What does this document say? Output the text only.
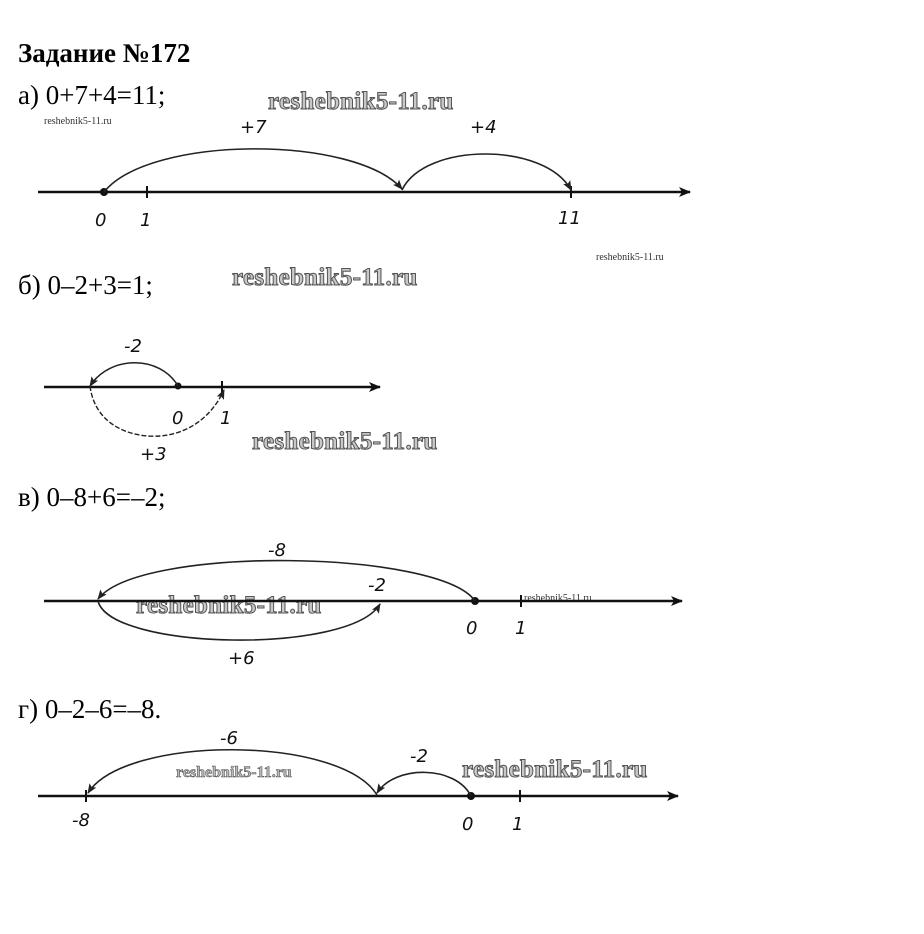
Задание №172
а) 0+7+4=11;	reshebnik5-11.ru
reshebnik5-11.ru
reshebnik5-11.ru
б) 0–2+3=1;	reshebnik5-11.ru
reshebnik5-11.ru
в) 0–8+6=–2;
reshebnik5-11.ru	reshebnik5-11.ru
г) 0–2–6=–8.
reshebnik5-11.ru	reshebnik5-11.ru
+7	+4
0 1	11
-2
+3
0 1
-8
-2
+6
0 1
-6
-2
-8	0 1
